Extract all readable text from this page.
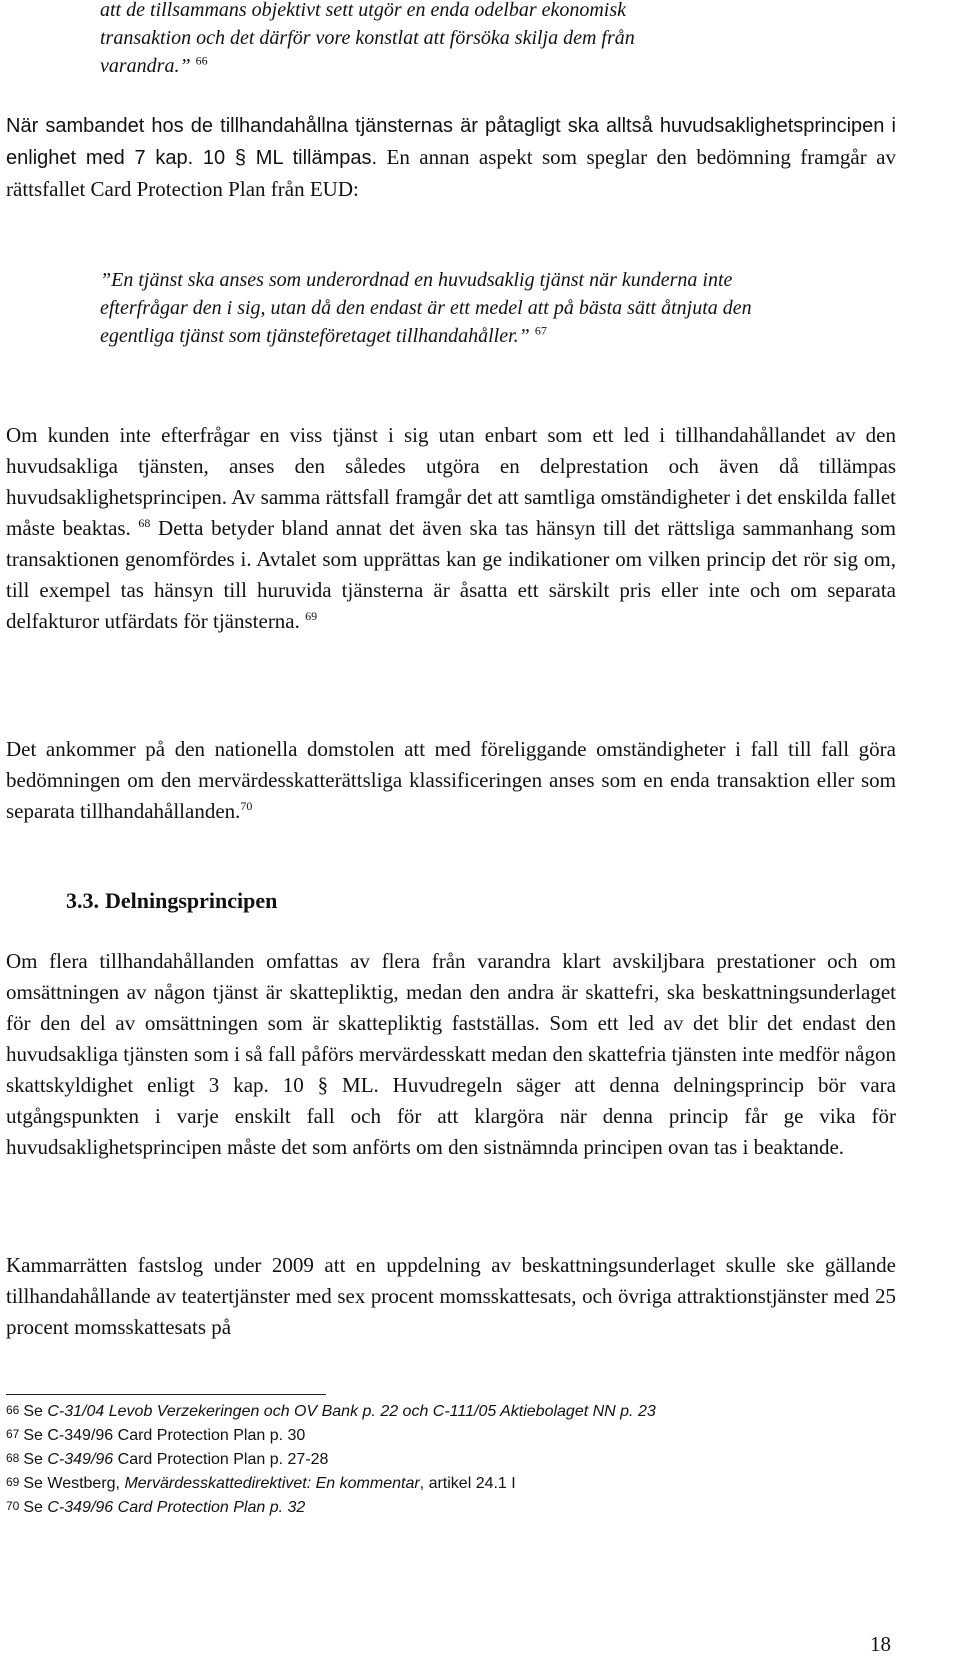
att de tillsammans objektivt sett utgör en enda odelbar ekonomisk
transaktion och det därför vore konstlat att försöka skilja dem från
varandra.” $^{66}$

När sambandet hos de tillhandahållna tjänsternas är påtagligt ska alltså huvudsaklighetsprincipen i enlighet med 7 kap. 10 § ML tillämpas. En annan aspekt som speglar den bedömning framgår av rättsfallet Card Protection Plan från EUD:

”En tjänst ska anses som underordnad en huvudsaklig tjänst när kunderna inte efterfrågar den i sig, utan då den endast är ett medel att på bästa sätt åtnjuta den egentliga tjänst som tjänsteföretaget tillhandahåller.” $^{67}$

Om kunden inte efterfrågar en viss tjänst i sig utan enbart som ett led i tillhandahållandet av den huvudsakliga tjänsten, anses den således utgöra en delprestation och även då tillämpas huvudsaklighetsprincipen. Av samma rättsfall framgår det att samtliga omständigheter i det enskilda fallet måste beaktas. $^{68}$ Detta betyder bland annat det även ska tas hänsyn till det rättsliga sammanhang som transaktionen genomfördes i. Avtalet som upprättas kan ge indikationer om vilken princip det rör sig om, till exempel tas hänsyn till huruvida tjänsterna är åsatta ett särskilt pris eller inte och om separata delfakturor utfärdats för tjänsterna. $^{69}$

Det ankommer på den nationella domstolen att med föreliggande omständigheter i fall till fall göra bedömningen om den mervärdesskatterättsliga klassificeringen anses som en enda transaktion eller som separata tillhandahållanden.$^{70}$

3.3. Delningsprincipen

Om flera tillhandahållanden omfattas av flera från varandra klart avskiljbara prestationer och om omsättningen av någon tjänst är skattepliktig, medan den andra är skattefri, ska beskattningsunderlaget för den del av omsättningen som är skattepliktig fastställas. Som ett led av det blir det endast den huvudsakliga tjänsten som i så fall påförs mervärdesskatt medan den skattefria tjänsten inte medför någon skattskyldighet enligt 3 kap. 10 § ML. Huvudregeln säger att denna delningsprincip bör vara utgångspunkten i varje enskilt fall och för att klargöra när denna princip får ge vika för huvudsaklighetsprincipen måste det som anförts om den sistnämnda principen ovan tas i beaktande.

Kammarrätten fastslog under 2009 att en uppdelning av beskattningsunderlaget skulle ske gällande tillhandahållande av teatertjänster med sex procent momsskattesats, och övriga attraktionstjänster med 25 procent momsskattesats på

$^{66}$ Se C-31/04 Levob Verzekeringen och OV Bank p. 22 och C-111/05 Aktiebolaget NN p. 23
$^{67}$ Se C-349/96 Card Protection Plan p. 30
$^{68}$ Se C-349/96 Card Protection Plan p. 27-28
$^{69}$ Se Westberg, Mervärdesskattedirektivet: En kommentar, artikel 24.1 I
$^{70}$ Se C-349/96 Card Protection Plan p. 32
18
